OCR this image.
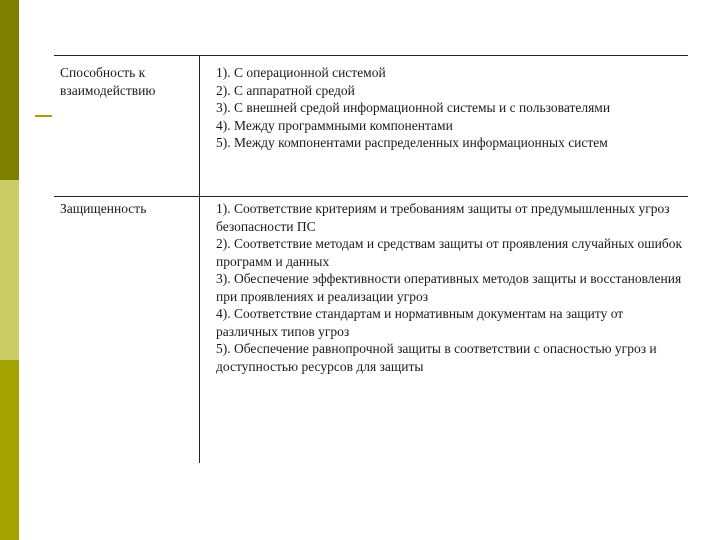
Способность к взаимодействию
1). С операционной системой
2). С аппаратной средой
3). С внешней средой информационной системы и с пользователями
4). Между программными компонентами
5). Между компонентами распределенных информационных систем
Защищенность	1). Соответствие критериям и требованиям защиты от предумышленных угроз безопасности ПС
2). Соответствие методам и средствам защиты от проявления случайных ошибок программ и данных
3). Обеспечение эффективности оперативных методов защиты и восстановления при проявлениях и реализации угроз
4). Соответствие стандартам и нормативным документам на защиту от различных типов угроз
5). Обеспечение равнопрочной защиты в соответствии с опасностью угроз и доступностью ресурсов для защиты
